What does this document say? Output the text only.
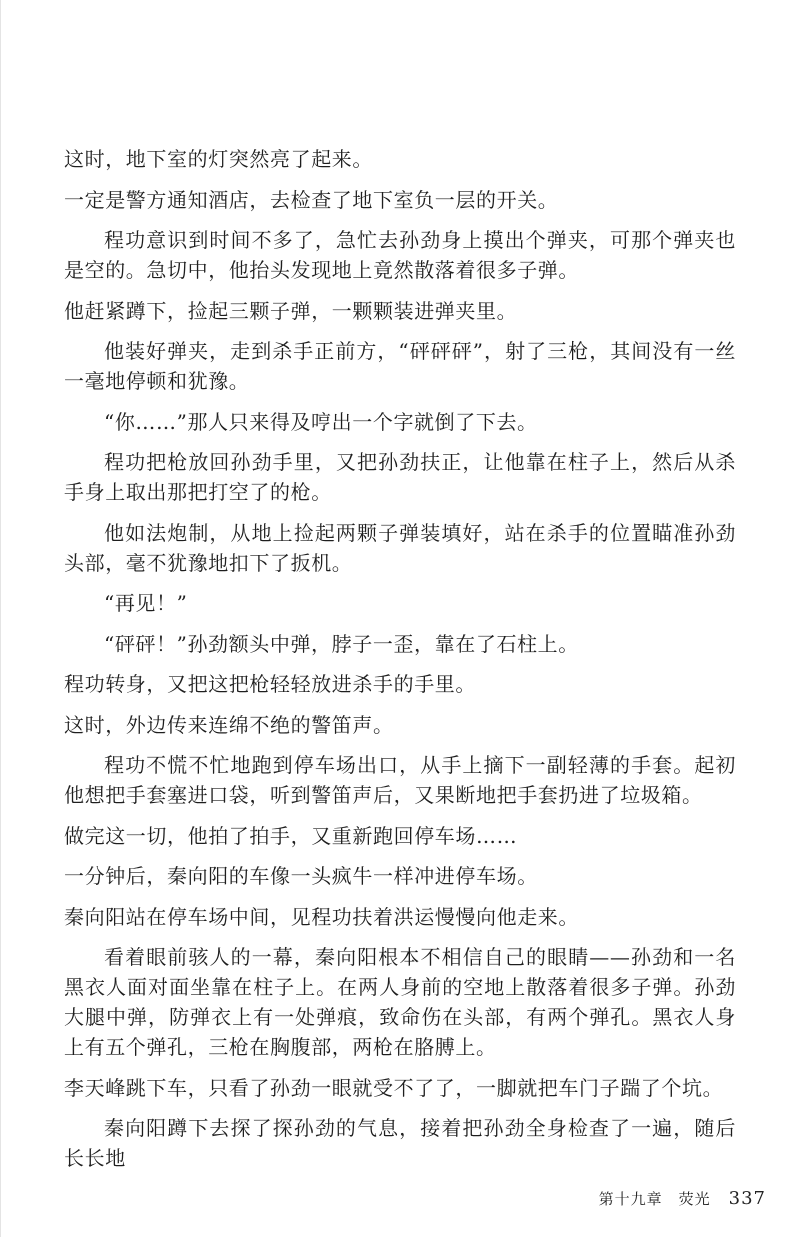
这时，地下室的灯突然亮了起来。

一定是警方通知酒店，去检查了地下室负一层的开关。

程功意识到时间不多了，急忙去孙劲身上摸出个弹夹，可那个弹夹也是空的。急切中，他抬头发现地上竟然散落着很多子弹。

他赶紧蹲下，捡起三颗子弹，一颗颗装进弹夹里。

他装好弹夹，走到杀手正前方，“砰砰砰”，射了三枪，其间没有一丝一毫地停顿和犹豫。

“你……”那人只来得及哼出一个字就倒了下去。

程功把枪放回孙劲手里，又把孙劲扶正，让他靠在柱子上，然后从杀手身上取出那把打空了的枪。

他如法炮制，从地上捡起两颗子弹装填好，站在杀手的位置瞄准孙劲头部，毫不犹豫地扣下了扳机。

“再见！”

“砰砰！”孙劲额头中弹，脖子一歪，靠在了石柱上。

程功转身，又把这把枪轻轻放进杀手的手里。

这时，外边传来连绵不绝的警笛声。

程功不慌不忙地跑到停车场出口，从手上摘下一副轻薄的手套。起初他想把手套塞进口袋，听到警笛声后，又果断地把手套扔进了垃圾箱。

做完这一切，他拍了拍手，又重新跑回停车场……

一分钟后，秦向阳的车像一头疯牛一样冲进停车场。

秦向阳站在停车场中间，见程功扶着洪运慢慢向他走来。

看着眼前骇人的一幕，秦向阳根本不相信自己的眼睛——孙劲和一名黑衣人面对面坐靠在柱子上。在两人身前的空地上散落着很多子弹。孙劲大腿中弹，防弹衣上有一处弹痕，致命伤在头部，有两个弹孔。黑衣人身上有五个弹孔，三枪在胸腹部，两枪在胳膊上。

李天峰跳下车，只看了孙劲一眼就受不了了，一脚就把车门子踹了个坑。

秦向阳蹲下去探了探孙劲的气息，接着把孙劲全身检查了一遍，随后长长地

第十九章　荧光 337
